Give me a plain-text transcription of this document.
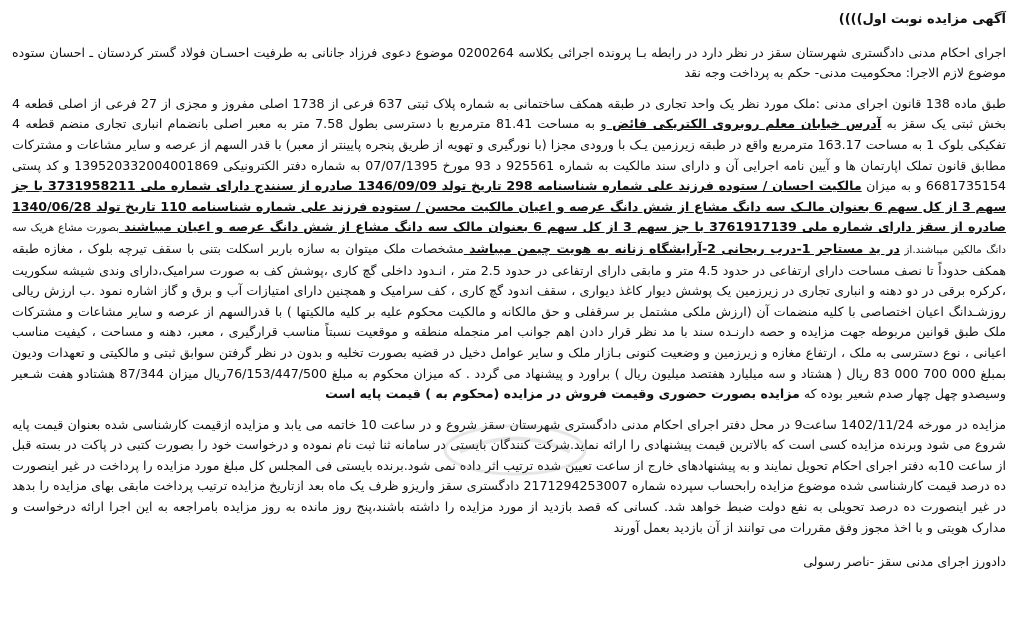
آگهی مزایده نوبت اول))))
اجرای احکام مدنی دادگستری شهرستان سقز در نظر دارد در رابطه بـا پرونده اجرائی بکلاسه 0200264 موضوع دعوی فرزاد جانانی به طرفیت احسـان فولاد گستر کردستان ـ احسان ستوده موضوع لازم الاجرا: محکومیت مدنی- حکم به پرداخت وجه نقد
طبق ماده 138 قانون اجرای مدنی :ملک مورد نظر یک واحد تجاری در طبقه همکف ساختمانی به شماره پلاک ثبتی 637 فرعی از 1738 اصلی مفروز و مجزی از 27 فرعی از اصلی قطعه 4 بخش ثبتی یک سقز به آدرس خیابان معلم روبروی الکتریکی فائض و به مساحت 81.41 مترمربع با دسترسی بطول 7.58 متر به معبر اصلی بانضمام انباری تجاری منضم قطعه 4 تفکیکی بلوک 1 به مساحت 163.17 مترمربع واقع در طبقه زیرزمین یـک با ورودی مجزا (با نورگیری و تهویه از طریق پنجره پایینتر از معبر) با قدر السهم از عرصه و سایر مشاعات و مشترکات مطابق قانون تملک اپارتمان ها و آیین نامه اجرایی آن و دارای سند مالکیت به شماره 925561 د 93 مورخ 07/07/1395 به شماره دفتر الکترونیکی 139520332004001869 و کد پستی 6681735154 و به میزان مالکیت احسان / ستوده فرزند علی شماره شناسنامه 298 تاریخ تولد 1346/09/09 صادره از سنندج دارای شماره ملی 3731958211 با جز سهم 3 از کل سهم 6 بعنوان مالـک سه دانگ مشاع از شش دانگ عرصه و اعیان مالکیت محسن / ستوده فرزند علی شماره شناسنامه 110 تاریخ تولد 1340/06/28 صادره از سقز دارای شماره ملی 3761917139 با جز سهم 3 از کل سهم 6 بعنوان مالک سه دانگ مشاع از شش دانگ عرصه و اعیان میباشند بصورت مشاع هریک سه دانگ مالکین میباشند.از در ید مستاجر 1-درب ریحانی 2-آرایشگاه زنانه به هویت چیمن میباشد مشخصات ملک میتوان به سازه باربر اسکلت بتنی با سقف تیرچه بلوک ، مغازه طبقه همکف حدوداً تا نصف مساحت دارای ارتفاعی در حدود 4.5 متر و مابقی دارای ارتفاعی در حدود 2.5 متر ، انـدود داخلی گچ کاری ،پوشش کف به صورت سرامیک،دارای وندی شیشه سکوریت ،کرکره برقی در دو دهنه و انباری تجاری در زیرزمین یک پوشش دیوار کاغذ دیواری ، سقف اندود گچ کاری ، کف سرامیک و همچنین دارای امتیازات آب و برق و گاز اشاره نمود .ب ارزش ریالی روزشـدانگ اعیان اختصاصی با کلیه منضمات آن (ارزش ملکی مشتمل بر سرقفلی و حق مالکانه و مالکیت محکوم علیه بر کلیه مالکیتها ) با قدرالسهم از عرصه و سایر مشاعات و مشترکات ملک طبق قوانین مربوطه جهت مزایده و حصه دارنـده سند با مد نظر قرار دادن اهم جوانب امر منجمله منطقه و موقعیت نسبتاً مناسب قرارگیری ، معبر، دهنه و مساحت ، کیفیت مناسب اعیانی ، نوع دسترسی به ملک ، ارتفاع مغازه و زیرزمین و وضعیت کنونی بـازار ملک و سایر عوامل دخیل در قضیه بصورت تخلیه و بدون در نظر گرفتن سوابق ثبتی و مالکیتی و تعهدات ودیون بمبلغ 000 700 000 83 ریال ( هشتاد و سه میلیارد هفتصد میلیون ریال ) براورد و پیشنهاد می گردد . که میزان محکوم به مبلغ 76/153/447/500ریال میزان 87/344 هشتادو هفت شـعیر وسیصدو چهل چهار صدم شعیر بوده که مزایده بصورت حضوری وقیمت فروش در مزایده (محکوم به ) قیمت پایه است
مزایده در مورخه 1402/11/24 ساعت9 در محل دفتر اجرای احکام مدنی دادگستری شهرستان سقز شروع و در ساعت 10 خاتمه می یابد و مزایده ازقیمت کارشناسی شده بعنوان قیمت پایه شروع می شود وبرنده مزایده کسی است که بالاترین قیمت پیشنهادی را ارائه نماید.شرکت کنندگان بایستی در سامانه ثنا ثبت نام نموده و درخواست خود را بصورت کتبی در پاکت در بسته قبل از ساعت 10به دفتر اجرای احکام تحویل نمایند و به پیشنهادهای خارج از ساعت تعیین شده ترتیب اثر داده نمی شود.برنده بایستی فی المجلس کل مبلغ مورد مزایده را پرداخت در غیر اینصورت ده درصد قیمت کارشناسی شده موضوع مزایده رابحساب سپرده شماره 2171294253007 دادگستری سقز واریزو ظرف یک ماه بعد ازتاریخ مزایده ترتیب پرداخت مابقی بهای مزایده را بدهد در غیر اینصورت ده درصد تحویلی به نفع دولت ضبط خواهد شد. کسانی که قصد بازدید از مورد مزایده را داشته باشند،پنج روز مانده به روز مزایده بامراجعه به این اجرا ارائه درخواست و مدارک هویتی و با اخذ مجوز وفق مقررات می توانند از آن بازدید بعمل آورند
دادورز اجرای مدنی سقز -ناصر رسولی
